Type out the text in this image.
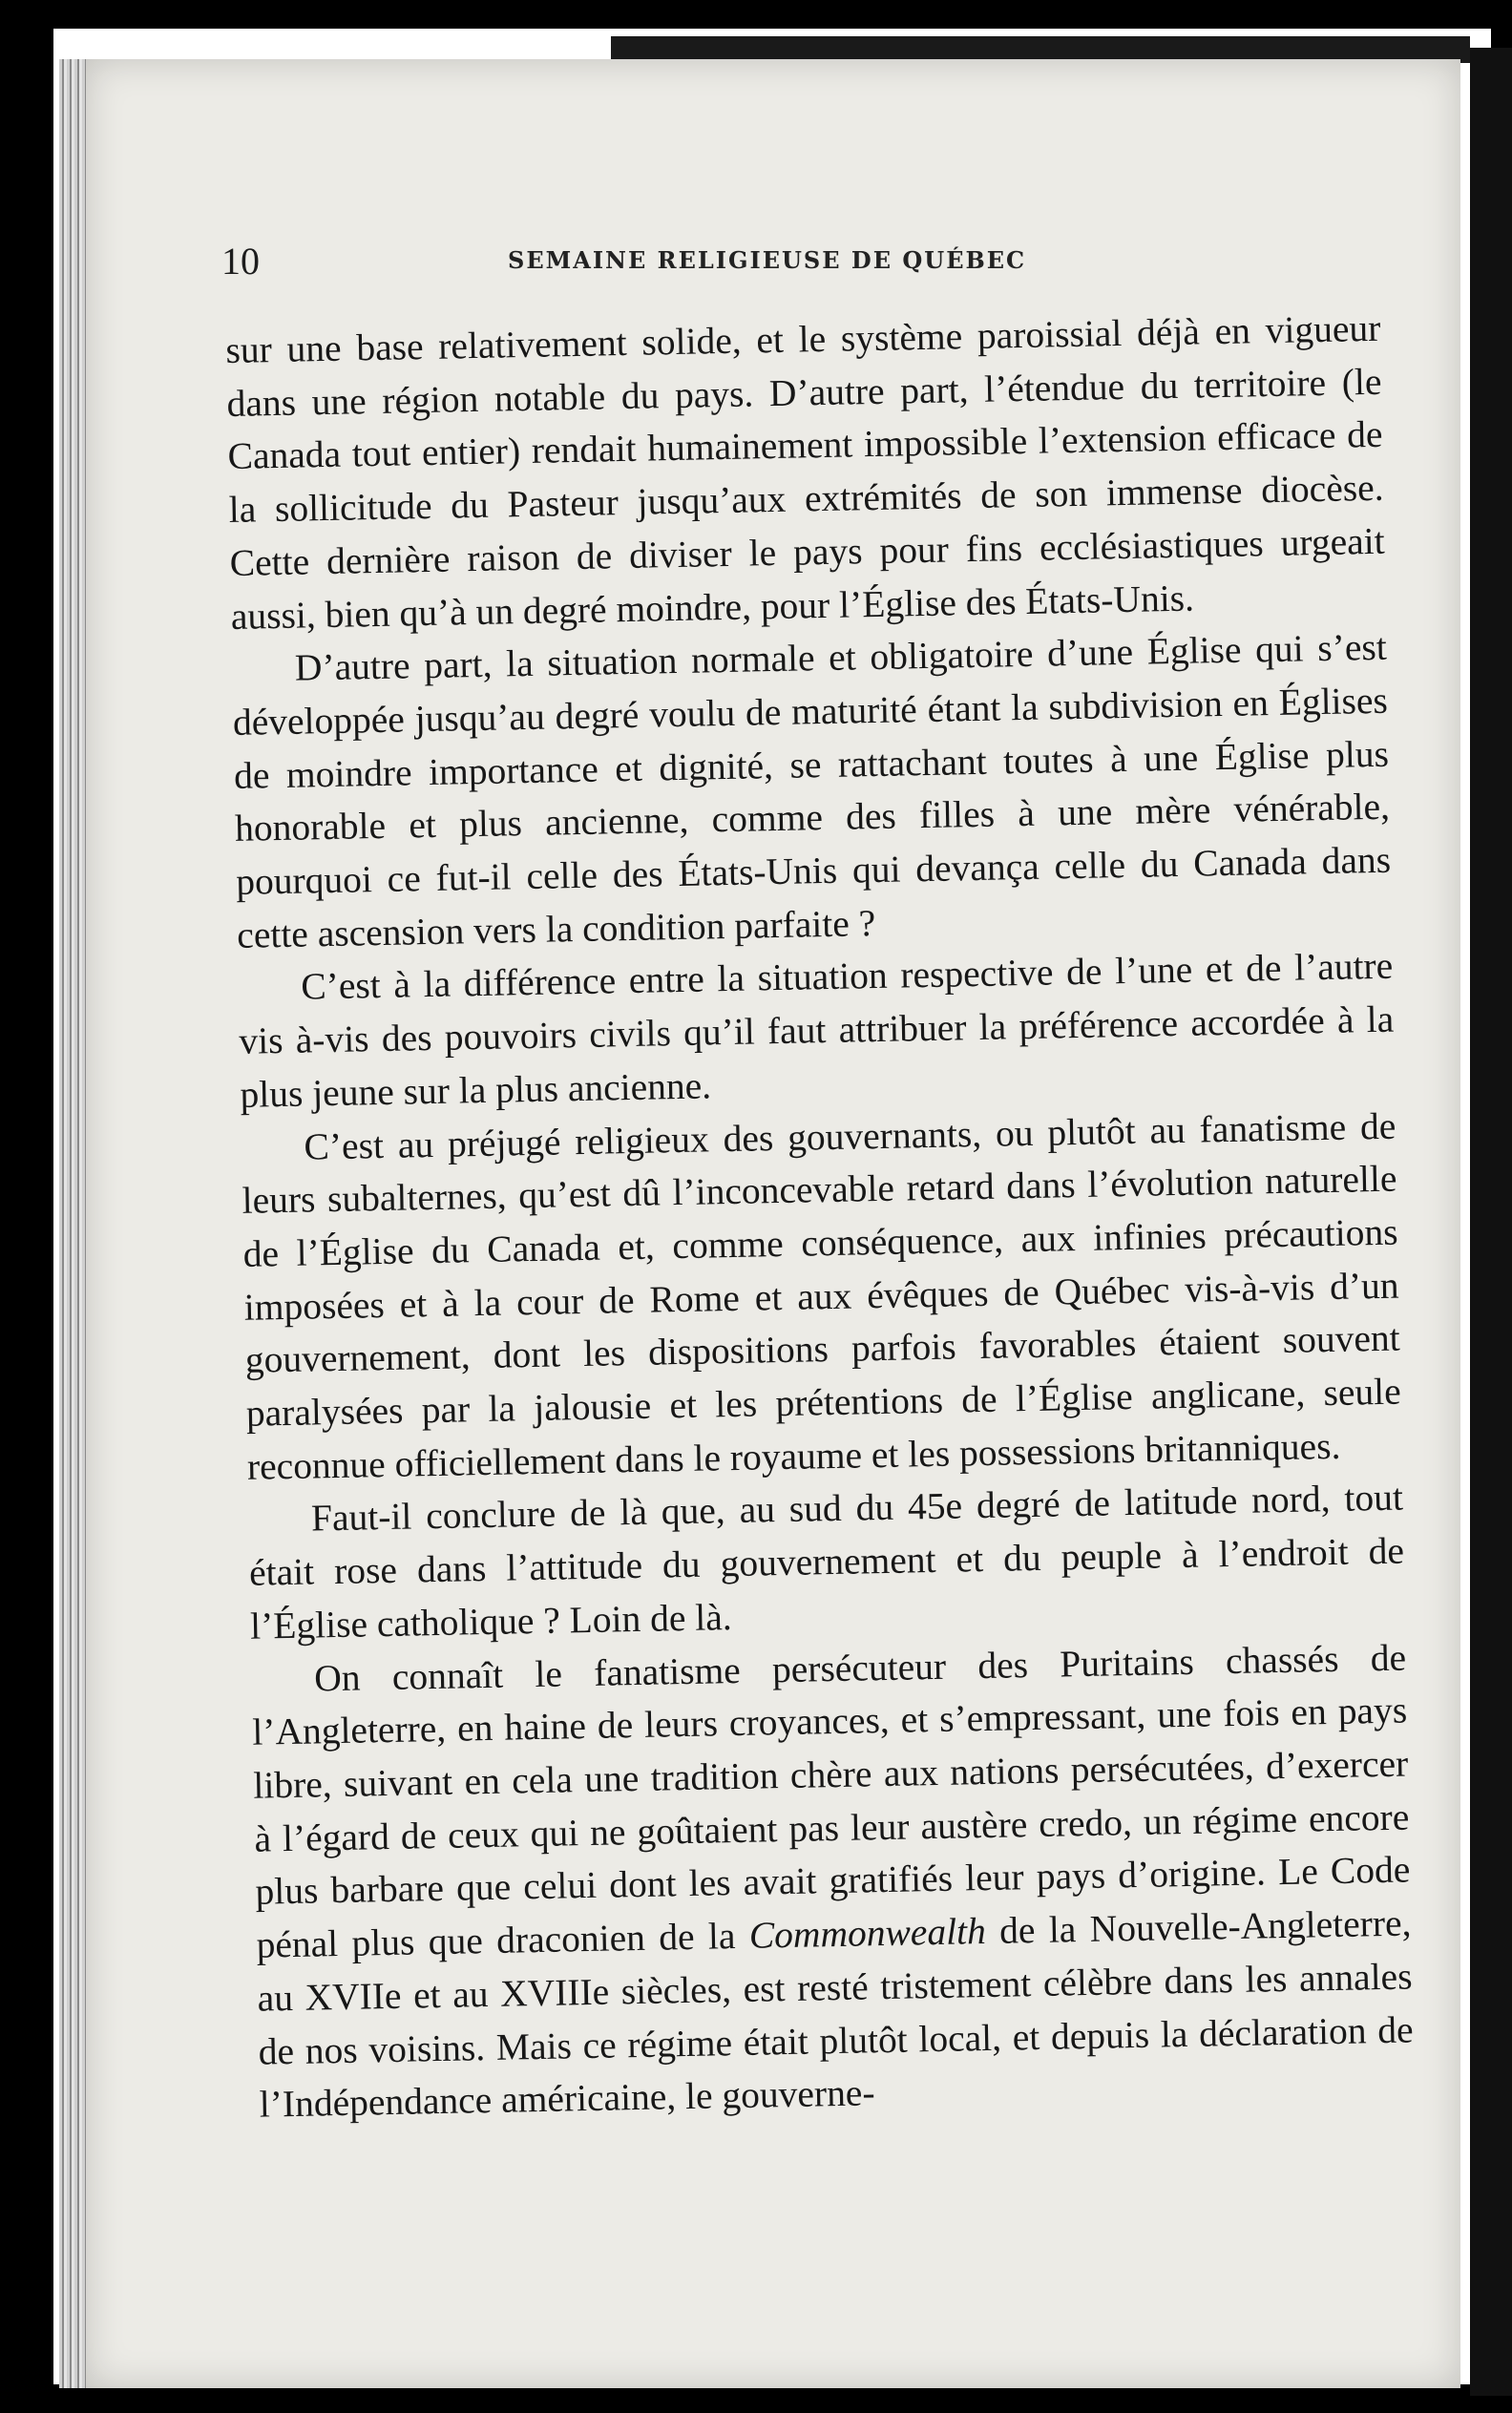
10	SEMAINE RELIGIEUSE DE QUÉBEC

sur une base relativement solide, et le système paroissial déjà en vigueur dans une région notable du pays. D’autre part, l’étendue du territoire (le Canada tout entier) rendait humainement impossible l’extension efficace de la sollicitude du Pasteur jusqu’aux extrémités de son immense diocèse. Cette dernière raison de diviser le pays pour fins ecclésiastiques urgeait aussi, bien qu’à un degré moindre, pour l’Église des États-Unis.

D’autre part, la situation normale et obligatoire d’une Église qui s’est développée jusqu’au degré voulu de maturité étant la subdivision en Églises de moindre importance et dignité, se rattachant toutes à une Église plus honorable et plus ancienne, comme des filles à une mère vénérable, pourquoi ce fut-il celle des États-Unis qui devança celle du Canada dans cette ascension vers la condition parfaite ?

C’est à la différence entre la situation respective de l’une et de l’autre vis à-vis des pouvoirs civils qu’il faut attribuer la préférence accordée à la plus jeune sur la plus ancienne.

C’est au préjugé religieux des gouvernants, ou plutôt au fanatisme de leurs subalternes, qu’est dû l’inconcevable retard dans l’évolution naturelle de l’Église du Canada et, comme conséquence, aux infinies précautions imposées et à la cour de Rome et aux évêques de Québec vis-à-vis d’un gouvernement, dont les dispositions parfois favorables étaient souvent paralysées par la jalousie et les prétentions de l’Église anglicane, seule reconnue officiellement dans le royaume et les possessions britanniques.

Faut-il conclure de là que, au sud du 45e degré de latitude nord, tout était rose dans l’attitude du gouvernement et du peuple à l’endroit de l’Église catholique ? Loin de là.

On connaît le fanatisme persécuteur des Puritains chassés de l’Angleterre, en haine de leurs croyances, et s’empressant, une fois en pays libre, suivant en cela une tradition chère aux nations persécutées, d’exercer à l’égard de ceux qui ne goûtaient pas leur austère credo, un régime encore plus barbare que celui dont les avait gratifiés leur pays d’origine. Le Code pénal plus que draconien de la Commonwealth de la Nouvelle-Angleterre, au XVIIe et au XVIIIe siècles, est resté tristement célèbre dans les annales de nos voisins. Mais ce régime était plutôt local, et depuis la déclaration de l’Indépendance américaine, le gouverne-
